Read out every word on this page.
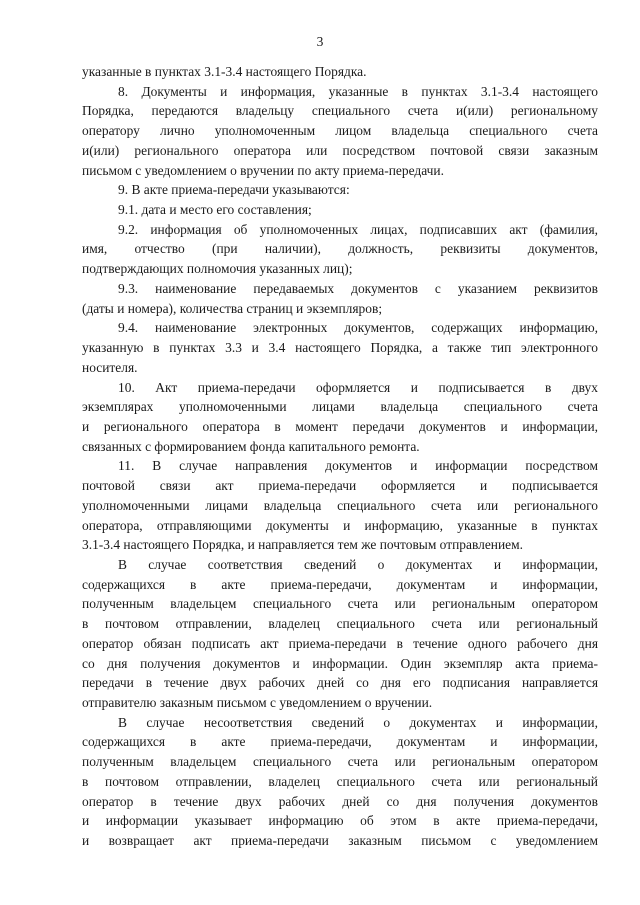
3
указанные в пунктах 3.1-3.4 настоящего Порядка.
8. Документы и информация, указанные в пунктах 3.1-3.4 настоящего
Порядка, передаются владельцу специального счета и(или) региональному
оператору лично уполномоченным лицом владельца специального счета
и(или) регионального оператора или посредством почтовой связи заказным
письмом с уведомлением о вручении по акту приема-передачи.
9. В акте приема-передачи указываются:
9.1. дата и место его составления;
9.2. информация об уполномоченных лицах, подписавших акт (фамилия,
имя, отчество (при наличии), должность, реквизиты документов,
подтверждающих полномочия указанных лиц);
9.3. наименование передаваемых документов с указанием реквизитов
(даты и номера), количества страниц и экземпляров;
9.4. наименование электронных документов, содержащих информацию,
указанную в пунктах 3.3 и 3.4 настоящего Порядка, а также тип электронного
носителя.
10. Акт приема-передачи оформляется и подписывается в двух
экземплярах уполномоченными лицами владельца специального счета
и регионального оператора в момент передачи документов и информации,
связанных с формированием фонда капитального ремонта.
11. В случае направления документов и информации посредством
почтовой связи акт приема-передачи оформляется и подписывается
уполномоченными лицами владельца специального счета или регионального
оператора, отправляющими документы и информацию, указанные в пунктах
3.1-3.4 настоящего Порядка, и направляется тем же почтовым отправлением.
В случае соответствия сведений о документах и информации,
содержащихся в акте приема-передачи, документам и информации,
полученным владельцем специального счета или региональным оператором
в почтовом отправлении, владелец специального счета или региональный
оператор обязан подписать акт приема-передачи в течение одного рабочего дня
со дня получения документов и информации. Один экземпляр акта приема-
передачи в течение двух рабочих дней со дня его подписания направляется
отправителю заказным письмом с уведомлением о вручении.
В случае несоответствия сведений о документах и информации,
содержащихся в акте приема-передачи, документам и информации,
полученным владельцем специального счета или региональным оператором
в почтовом отправлении, владелец специального счета или региональный
оператор в течение двух рабочих дней со дня получения документов
и информации указывает информацию об этом в акте приема-передачи,
и возвращает акт приема-передачи заказным письмом с уведомлением
